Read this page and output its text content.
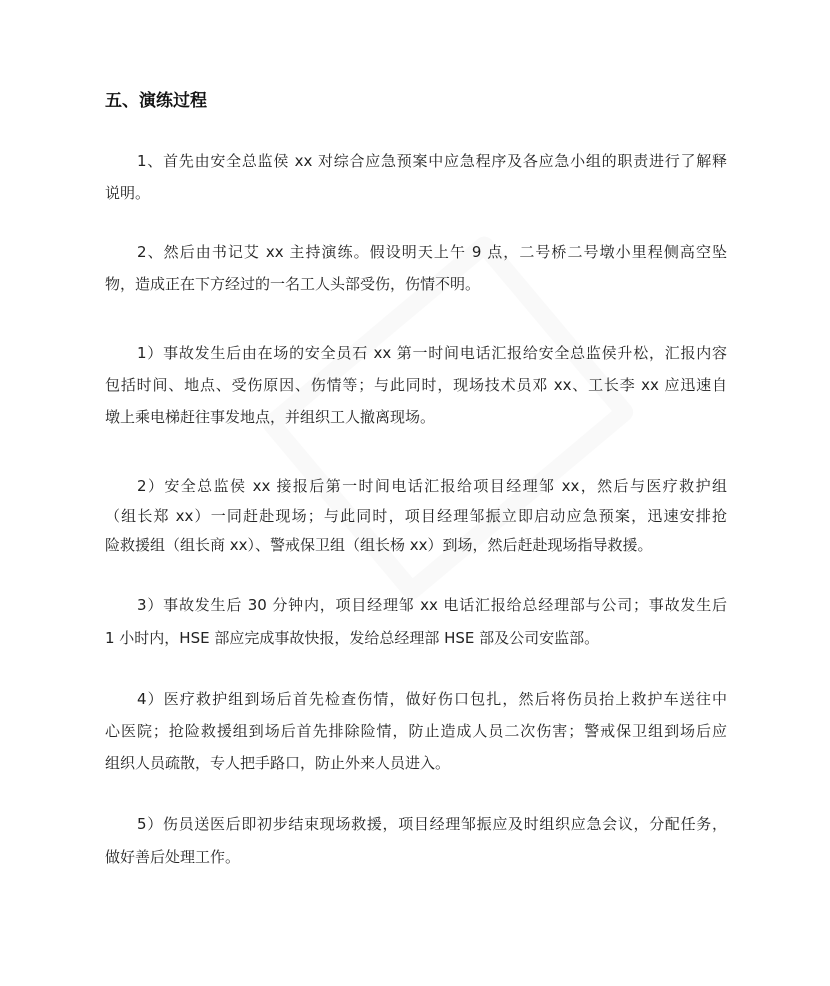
五、演练过程
1、首先由安全总监侯 xx 对综合应急预案中应急程序及各应急小组的职责进行了解释
说明。
2、然后由书记艾 xx 主持演练。假设明天上午 9 点，二号桥二号墩小里程侧高空坠
物，造成正在下方经过的一名工人头部受伤，伤情不明。
1）事故发生后由在场的安全员石 xx 第一时间电话汇报给安全总监侯升松，汇报内容
包括时间、地点、受伤原因、伤情等；与此同时，现场技术员邓 xx、工长李 xx 应迅速自
墩上乘电梯赶往事发地点，并组织工人撤离现场。
2）安全总监侯 xx 接报后第一时间电话汇报给项目经理邹 xx，然后与医疗救护组
（组长郑 xx）一同赶赴现场；与此同时，项目经理邹振立即启动应急预案，迅速安排抢
险救援组（组长商 xx）、警戒保卫组（组长杨 xx）到场，然后赶赴现场指导救援。
3）事故发生后 30 分钟内，项目经理邹 xx 电话汇报给总经理部与公司；事故发生后
1 小时内，HSE 部应完成事故快报，发给总经理部 HSE 部及公司安监部。
4）医疗救护组到场后首先检查伤情，做好伤口包扎，然后将伤员抬上救护车送往中
心医院；抢险救援组到场后首先排除险情，防止造成人员二次伤害；警戒保卫组到场后应
组织人员疏散，专人把手路口，防止外来人员进入。
5）伤员送医后即初步结束现场救援，项目经理邹振应及时组织应急会议，分配任务，
做好善后处理工作。
